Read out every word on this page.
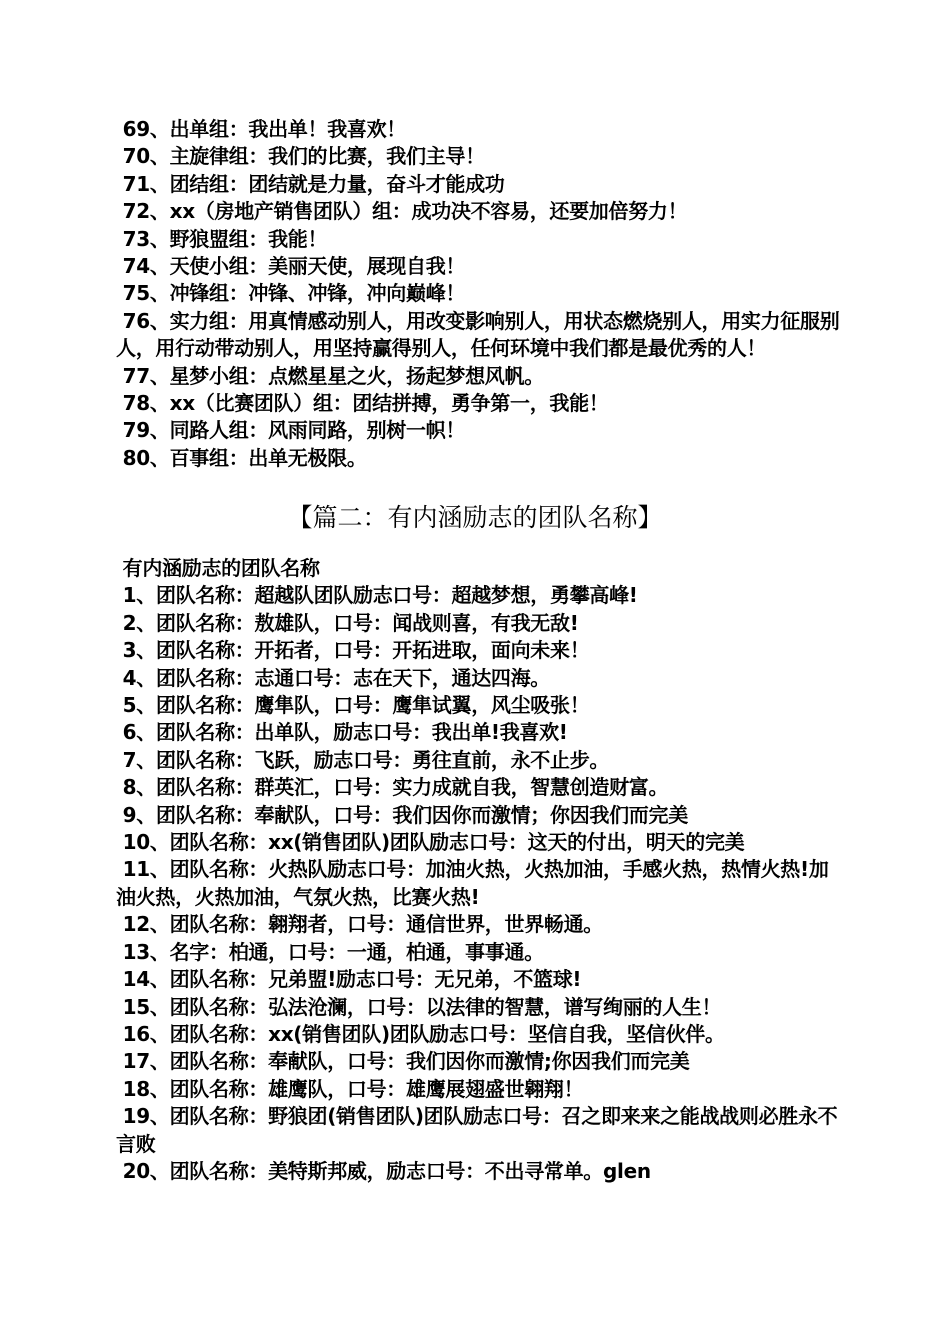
69、出单组：我出单！我喜欢！
70、主旋律组：我们的比赛，我们主导！
71、团结组：团结就是力量，奋斗才能成功
72、xx（房地产销售团队）组：成功决不容易，还要加倍努力！
73、野狼盟组：我能！
74、天使小组：美丽天使，展现自我！
75、冲锋组：冲锋、冲锋，冲向巅峰！
76、实力组：用真情感动别人，用改变影响别人，用状态燃烧别人，用实力征服别人，用行动带动别人，用坚持赢得别人，任何环境中我们都是最优秀的人！
77、星梦小组：点燃星星之火，扬起梦想风帆。
78、xx（比赛团队）组：团结拼搏，勇争第一，我能！
79、同路人组：风雨同路，别树一帜！
80、百事组：出单无极限。
【篇二：有内涵励志的团队名称】
有内涵励志的团队名称
1、团队名称：超越队团队励志口号：超越梦想，勇攀高峰!
2、团队名称：敖雄队，口号：闻战则喜，有我无敌!
3、团队名称：开拓者，口号：开拓进取，面向未来！
4、团队名称：志通口号：志在天下，通达四海。
5、团队名称：鹰隼队，口号：鹰隼试翼，风尘吸张！
6、团队名称：出单队，励志口号：我出单!我喜欢!
7、团队名称：飞跃，励志口号：勇往直前，永不止步。
8、团队名称：群英汇，口号：实力成就自我，智慧创造财富。
9、团队名称：奉献队，口号：我们因你而激情；你因我们而完美
10、团队名称：xx(销售团队)团队励志口号：这天的付出，明天的完美
11、团队名称：火热队励志口号：加油火热，火热加油，手感火热，热情火热!加油火热，火热加油，气氛火热，比赛火热!
12、团队名称：翱翔者，口号：通信世界，世界畅通。
13、名字：柏通，口号：一通，柏通，事事通。
14、团队名称：兄弟盟!励志口号：无兄弟，不篮球!
15、团队名称：弘法沧澜，口号：以法律的智慧，谱写绚丽的人生！
16、团队名称：xx(销售团队)团队励志口号：坚信自我，坚信伙伴。
17、团队名称：奉献队，口号：我们因你而激情;你因我们而完美
18、团队名称：雄鹰队，口号：雄鹰展翅盛世翱翔！
19、团队名称：野狼团(销售团队)团队励志口号：召之即来来之能战战则必胜永不言败
20、团队名称：美特斯邦威，励志口号：不出寻常单。glen
